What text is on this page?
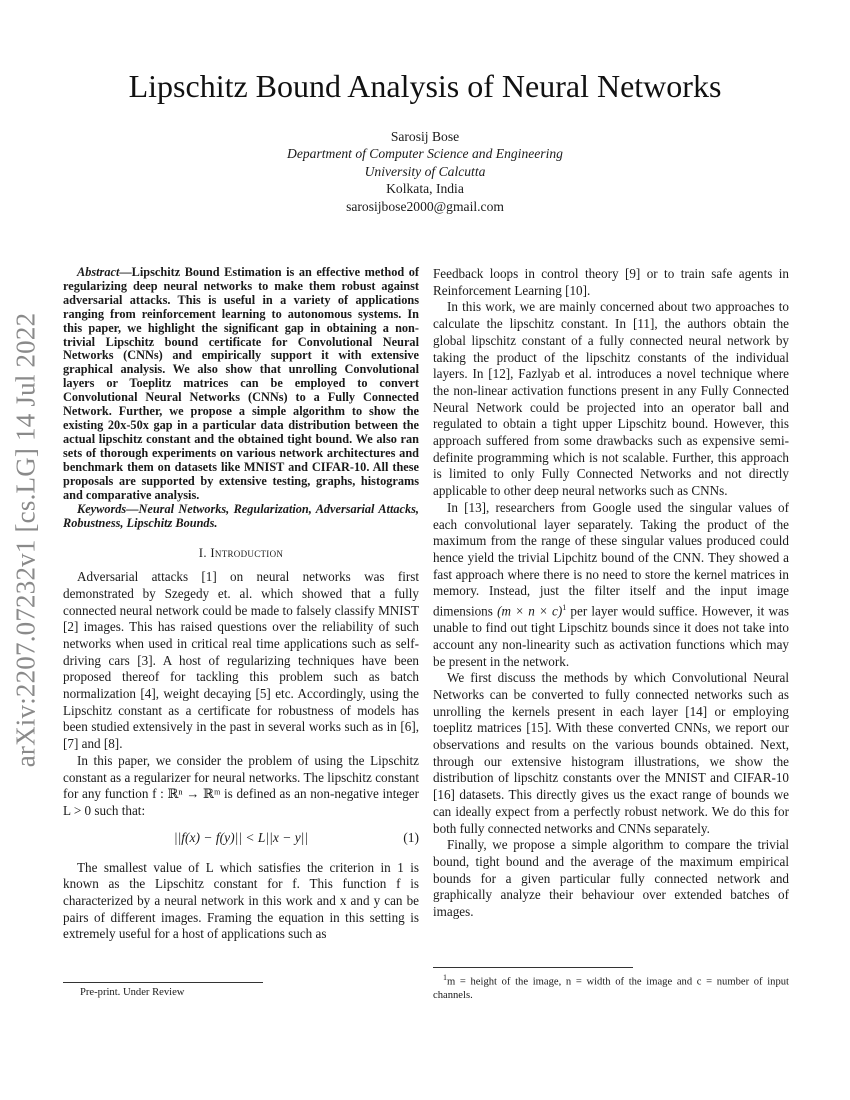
arXiv:2207.07232v1 [cs.LG] 14 Jul 2022
Lipschitz Bound Analysis of Neural Networks
Sarosij Bose
Department of Computer Science and Engineering
University of Calcutta
Kolkata, India
sarosijbose2000@gmail.com

Abstract—Lipschitz Bound Estimation is an effective method of regularizing deep neural networks to make them robust against adversarial attacks. This is useful in a variety of applications ranging from reinforcement learning to autonomous systems. In this paper, we highlight the significant gap in obtaining a non-trivial Lipschitz bound certificate for Convolutional Neural Networks (CNNs) and empirically support it with extensive graphical analysis. We also show that unrolling Convolutional layers or Toeplitz matrices can be employed to convert Convolutional Neural Networks (CNNs) to a Fully Connected Network. Further, we propose a simple algorithm to show the existing 20x-50x gap in a particular data distribution between the actual lipschitz constant and the obtained tight bound. We also ran sets of thorough experiments on various network architectures and benchmark them on datasets like MNIST and CIFAR-10. All these proposals are supported by extensive testing, graphs, histograms and comparative analysis.

Keywords—Neural Networks, Regularization, Adversarial Attacks, Robustness, Lipschitz Bounds.

I. Introduction

Adversarial attacks [1] on neural networks was first demonstrated by Szegedy et. al. which showed that a fully connected neural network could be made to falsely classify MNIST [2] images. This has raised questions over the reliability of such networks when used in critical real time applications such as self-driving cars [3]. A host of regularizing techniques have been proposed thereof for tackling this problem such as batch normalization [4], weight decaying [5] etc. Accordingly, using the Lipschitz constant as a certificate for robustness of models has been studied extensively in the past in several works such as in [6], [7] and [8].

In this paper, we consider the problem of using the Lipschitz constant as a regularizer for neural networks. The lipschitz constant for any function f : ℝⁿ → ℝᵐ is defined as an non-negative integer L > 0 such that:

||f(x) − f(y)|| < L||x − y||	(1)

The smallest value of L which satisfies the criterion in 1 is known as the Lipschitz constant for f. This function f is characterized by a neural network in this work and x and y can be pairs of different images. Framing the equation in this setting is extremely useful for a host of applications such as

Feedback loops in control theory [9] or to train safe agents in Reinforcement Learning [10].

In this work, we are mainly concerned about two approaches to calculate the lipschitz constant. In [11], the authors obtain the global lipschitz constant of a fully connected neural network by taking the product of the lipschitz constants of the individual layers. In [12], Fazlyab et al. introduces a novel technique where the non-linear activation functions present in any Fully Connected Neural Network could be projected into an operator ball and regulated to obtain a tight upper Lipschitz bound. However, this approach suffered from some drawbacks such as expensive semi-definite programming which is not scalable. Further, this approach is limited to only Fully Connected Networks and not directly applicable to other deep neural networks such as CNNs.

In [13], researchers from Google used the singular values of each convolutional layer separately. Taking the product of the maximum from the range of these singular values produced could hence yield the trivial Lipchitz bound of the CNN. They showed a fast approach where there is no need to store the kernel matrices in memory. Instead, just the filter itself and the input image dimensions (m × n × c)$^1$ per layer would suffice. However, it was unable to find out tight Lipschitz bounds since it does not take into account any non-linearity such as activation functions which may be present in the network.

We first discuss the methods by which Convolutional Neural Networks can be converted to fully connected networks such as unrolling the kernels present in each layer [14] or employing toeplitz matrices [15]. With these converted CNNs, we report our observations and results on the various bounds obtained. Next, through our extensive histogram illustrations, we show the distribution of lipschitz constants over the MNIST and CIFAR-10 [16] datasets. This directly gives us the exact range of bounds we can ideally expect from a perfectly robust network. We do this for both fully connected networks and CNNs separately.

Finally, we propose a simple algorithm to compare the trivial bound, tight bound and the average of the maximum empirical bounds for a given particular fully connected network and graphically analyze their behaviour over extended batches of images.

Pre-print. Under Review
$^1$m = height of the image, n = width of the image and c = number of input channels.
